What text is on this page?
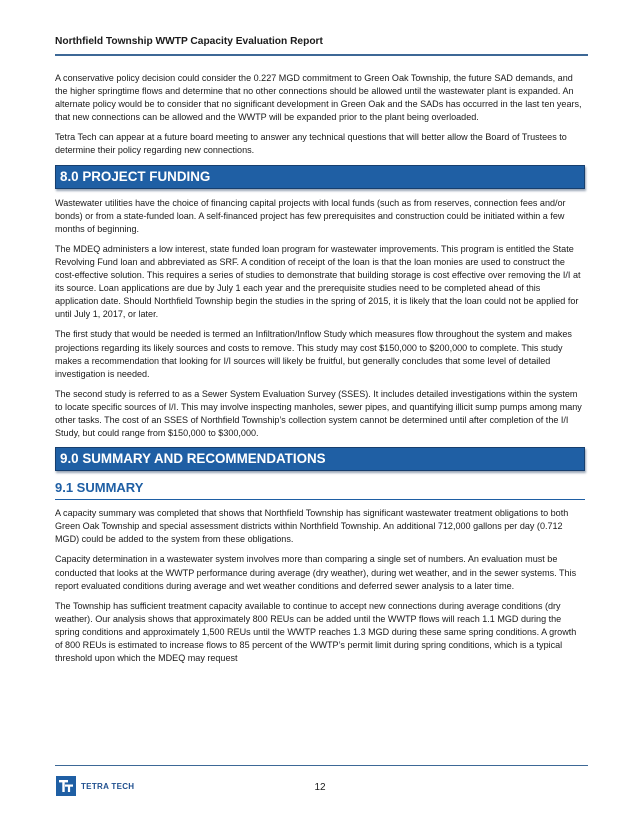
Northfield Township WWTP Capacity Evaluation Report

A conservative policy decision could consider the 0.227 MGD commitment to Green Oak Township, the future SAD demands, and the higher springtime flows and determine that no other connections should be allowed until the wastewater plant is expanded. An alternate policy would be to consider that no significant development in Green Oak and the SADs has occurred in the last ten years, that new connections can be allowed and the WWTP will be expanded prior to the plant being overloaded.

Tetra Tech can appear at a future board meeting to answer any technical questions that will better allow the Board of Trustees to determine their policy regarding new connections.

8.0 PROJECT FUNDING

Wastewater utilities have the choice of financing capital projects with local funds (such as from reserves, connection fees and/or bonds) or from a state-funded loan. A self-financed project has few prerequisites and construction could be initiated within a few months of beginning.

The MDEQ administers a low interest, state funded loan program for wastewater improvements. This program is entitled the State Revolving Fund loan and abbreviated as SRF. A condition of receipt of the loan is that the loan monies are used to construct the cost-effective solution. This requires a series of studies to demonstrate that building storage is cost effective over removing the I/I at its source. Loan applications are due by July 1 each year and the prerequisite studies need to be completed ahead of this application date. Should Northfield Township begin the studies in the spring of 2015, it is likely that the loan could not be applied for until July 1, 2017, or later.

The first study that would be needed is termed an Infiltration/Inflow Study which measures flow throughout the system and makes projections regarding its likely sources and costs to remove. This study may cost $150,000 to $200,000 to complete. This study makes a recommendation that looking for I/I sources will likely be fruitful, but generally concludes that some level of detailed investigation is needed.

The second study is referred to as a Sewer System Evaluation Survey (SSES). It includes detailed investigations within the system to locate specific sources of I/I. This may involve inspecting manholes, sewer pipes, and quantifying illicit sump pumps among many other tasks. The cost of an SSES of Northfield Township’s collection system cannot be determined until after completion of the I/I Study, but could range from $150,000 to $300,000.

9.0 SUMMARY AND RECOMMENDATIONS
9.1 SUMMARY

A capacity summary was completed that shows that Northfield Township has significant wastewater treatment obligations to both Green Oak Township and special assessment districts within Northfield Township. An additional 712,000 gallons per day (0.712 MGD) could be added to the system from these obligations.

Capacity determination in a wastewater system involves more than comparing a single set of numbers. An evaluation must be conducted that looks at the WWTP performance during average (dry weather), during wet weather, and in the sewer systems. This report evaluated conditions during average and wet weather conditions and deferred sewer analysis to a later time.

The Township has sufficient treatment capacity available to continue to accept new connections during average conditions (dry weather). Our analysis shows that approximately 800 REUs can be added until the WWTP flows will reach 1.1 MGD during the spring conditions and approximately 1,500 REUs until the WWTP reaches 1.3 MGD during these same spring conditions. A growth of 800 REUs is estimated to increase flows to 85 percent of the WWTP’s permit limit during spring conditions, which is a typical threshold upon which the MDEQ may request

TETRA TECH	12
